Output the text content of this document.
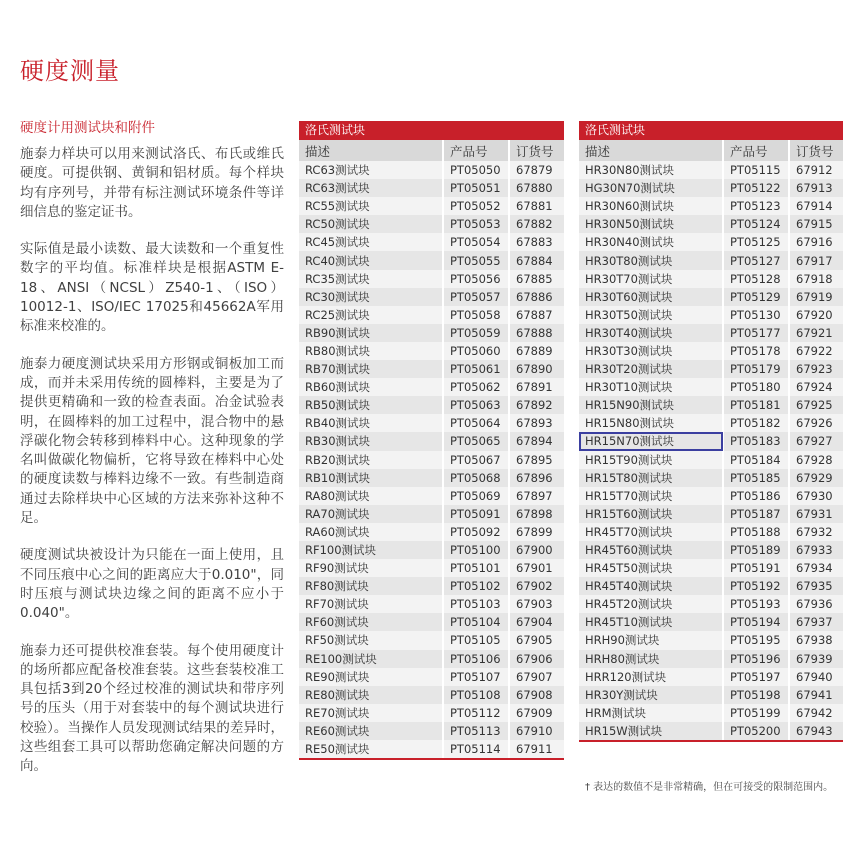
硬度测量
硬度计用测试块和附件

施泰力样块可以用来测试洛氏、布氏或维氏硬度。可提供钢、黄铜和铝材质。每个样块均有序列号，并带有标注测试环境条件等详细信息的鉴定证书。

实际值是最小读数、最大读数和一个重复性数字的平均值。标准样块是根据ASTM E-18、ANSI（NCSL）Z540-1、（ISO）10012-1、ISO/IEC 17025和45662A军用标准来校准的。

施泰力硬度测试块采用方形钢或铜板加工而成，而并未采用传统的圆棒料，主要是为了提供更精确和一致的检查表面。冶金试验表明，在圆棒料的加工过程中，混合物中的悬浮碳化物会转移到棒料中心。这种现象的学名叫做碳化物偏析，它将导致在棒料中心处的硬度读数与棒料边缘不一致。有些制造商通过去除样块中心区域的方法来弥补这种不足。

硬度测试块被设计为只能在一面上使用，且不同压痕中心之间的距离应大于0.010"，同时压痕与测试块边缘之间的距离不应小于0.040"。

施泰力还可提供校准套装。每个使用硬度计的场所都应配备校准套装。这些套装校准工具包括3到20个经过校准的测试块和带序列号的压头（用于对套装中的每个测试块进行校验）。当操作人员发现测试结果的差异时，这些组套工具可以帮助您确定解决问题的方向。

洛氏测试块
描述	产品号	订货号
RC63测试块	PT05050	67879
RC63测试块	PT05051	67880
RC55测试块	PT05052	67881
RC50测试块	PT05053	67882
RC45测试块	PT05054	67883
RC40测试块	PT05055	67884
RC35测试块	PT05056	67885
RC30测试块	PT05057	67886
RC25测试块	PT05058	67887
RB90测试块	PT05059	67888
RB80测试块	PT05060	67889
RB70测试块	PT05061	67890
RB60测试块	PT05062	67891
RB50测试块	PT05063	67892
RB40测试块	PT05064	67893
RB30测试块	PT05065	67894
RB20测试块	PT05067	67895
RB10测试块	PT05068	67896
RA80测试块	PT05069	67897
RA70测试块	PT05091	67898
RA60测试块	PT05092	67899
RF100测试块	PT05100	67900
RF90测试块	PT05101	67901
RF80测试块	PT05102	67902
RF70测试块	PT05103	67903
RF60测试块	PT05104	67904
RF50测试块	PT05105	67905
RE100测试块	PT05106	67906
RE90测试块	PT05107	67907
RE80测试块	PT05108	67908
RE70测试块	PT05112	67909
RE60测试块	PT05113	67910
RE50测试块	PT05114	67911
洛氏测试块
描述	产品号	订货号
HR30N80测试块	PT05115	67912
HG30N70测试块	PT05122	67913
HR30N60测试块	PT05123	67914
HR30N50测试块	PT05124	67915
HR30N40测试块	PT05125	67916
HR30T80测试块	PT05127	67917
HR30T70测试块	PT05128	67918
HR30T60测试块	PT05129	67919
HR30T50测试块	PT05130	67920
HR30T40测试块	PT05177	67921
HR30T30测试块	PT05178	67922
HR30T20测试块	PT05179	67923
HR30T10测试块	PT05180	67924
HR15N90测试块	PT05181	67925
HR15N80测试块	PT05182	67926
HR15N70测试块	PT05183	67927
HR15T90测试块	PT05184	67928
HR15T80测试块	PT05185	67929
HR15T70测试块	PT05186	67930
HR15T60测试块	PT05187	67931
HR45T70测试块	PT05188	67932
HR45T60测试块	PT05189	67933
HR45T50测试块	PT05191	67934
HR45T40测试块	PT05192	67935
HR45T20测试块	PT05193	67936
HR45T10测试块	PT05194	67937
HRH90测试块	PT05195	67938
HRH80测试块	PT05196	67939
HRR120测试块	PT05197	67940
HR30Y测试块	PT05198	67941
HRM测试块	PT05199	67942
HR15W测试块	PT05200	67943
† 表达的数值不是非常精确，但在可接受的限制范围内。
